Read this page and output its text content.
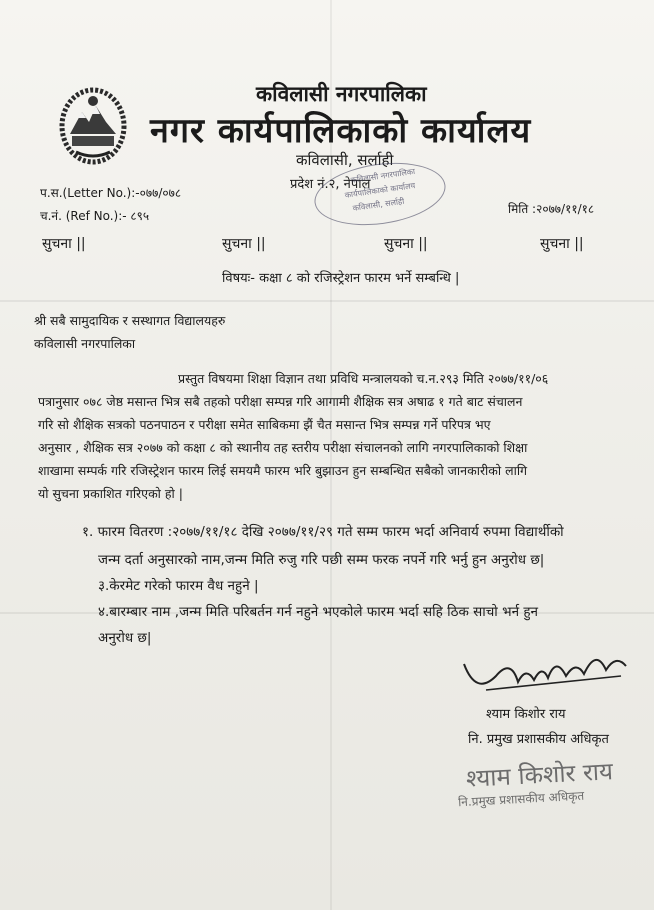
कविलासी नगरपालिका
नगर कार्यपालिकाको कार्यालय
कविलासी, सर्लाही
प्रदेश नं.२, नेपाल
कविलासी नगरपालिका
कार्यपालिकाको कार्यालय
कविलासी, सर्लाही
प.स.(Letter No.):-०७७/०७८
च.नं. (Ref No.):- ८९५	मिति :२०७७/११/१८
सुचना ||	सुचना ||	सुचना ||	सुचना ||
विषयः- कक्षा ८ को रजिस्ट्रेशन फारम भर्ने सम्बन्धि |
श्री सबै सामुदायिक र सस्थागत विद्यालयहरु
कविलासी नगरपालिका
प्रस्तुत विषयमा शिक्षा विज्ञान तथा प्रविधि मन्त्रालयको च.न.२९३ मिति २०७७/११/०६
पत्रानुसार ०७८ जेष्ठ मसान्त भित्र सबै तहको परीक्षा सम्पन्न गरि आगामी शैक्षिक सत्र अषाढ १ गते बाट संचालन
गरि सो शैक्षिक सत्रको पठनपाठन र परीक्षा समेत साबिकमा झैं चैत मसान्त भित्र सम्पन्न गर्ने परिपत्र भए
अनुसार , शैक्षिक सत्र २०७७ को कक्षा ८ को स्थानीय तह स्तरीय परीक्षा संचालनको लागि नगरपालिकाको शिक्षा
शाखामा सम्पर्क गरि रजिस्ट्रेशन फारम लिई समयमै फारम भरि बुझाउन हुन सम्बन्धित सबैको जानकारीको लागि
यो सुचना प्रकाशित गरिएको हो |
१. फारम वितरण :२०७७/११/१८ देखि २०७७/११/२९ गते सम्म फारम भर्दा अनिवार्य रुपमा विद्यार्थीको
जन्म दर्ता अनुसारको नाम,जन्म मिति रुजु गरि पछी सम्म फरक नपर्ने गरि भर्नु हुन अनुरोध छ|
३.केरमेट गरेको फारम वैध नहुने |
४.बारम्बार नाम ,जन्म मिति परिबर्तन गर्न नहुने भएकोले फारम भर्दा सहि ठिक साचो भर्न हुन
अनुरोध छ|
श्याम किशोर राय
नि. प्रमुख प्रशासकीय अधिकृत
श्याम किशोर राय
नि.प्रमुख प्रशासकीय अधिकृत
